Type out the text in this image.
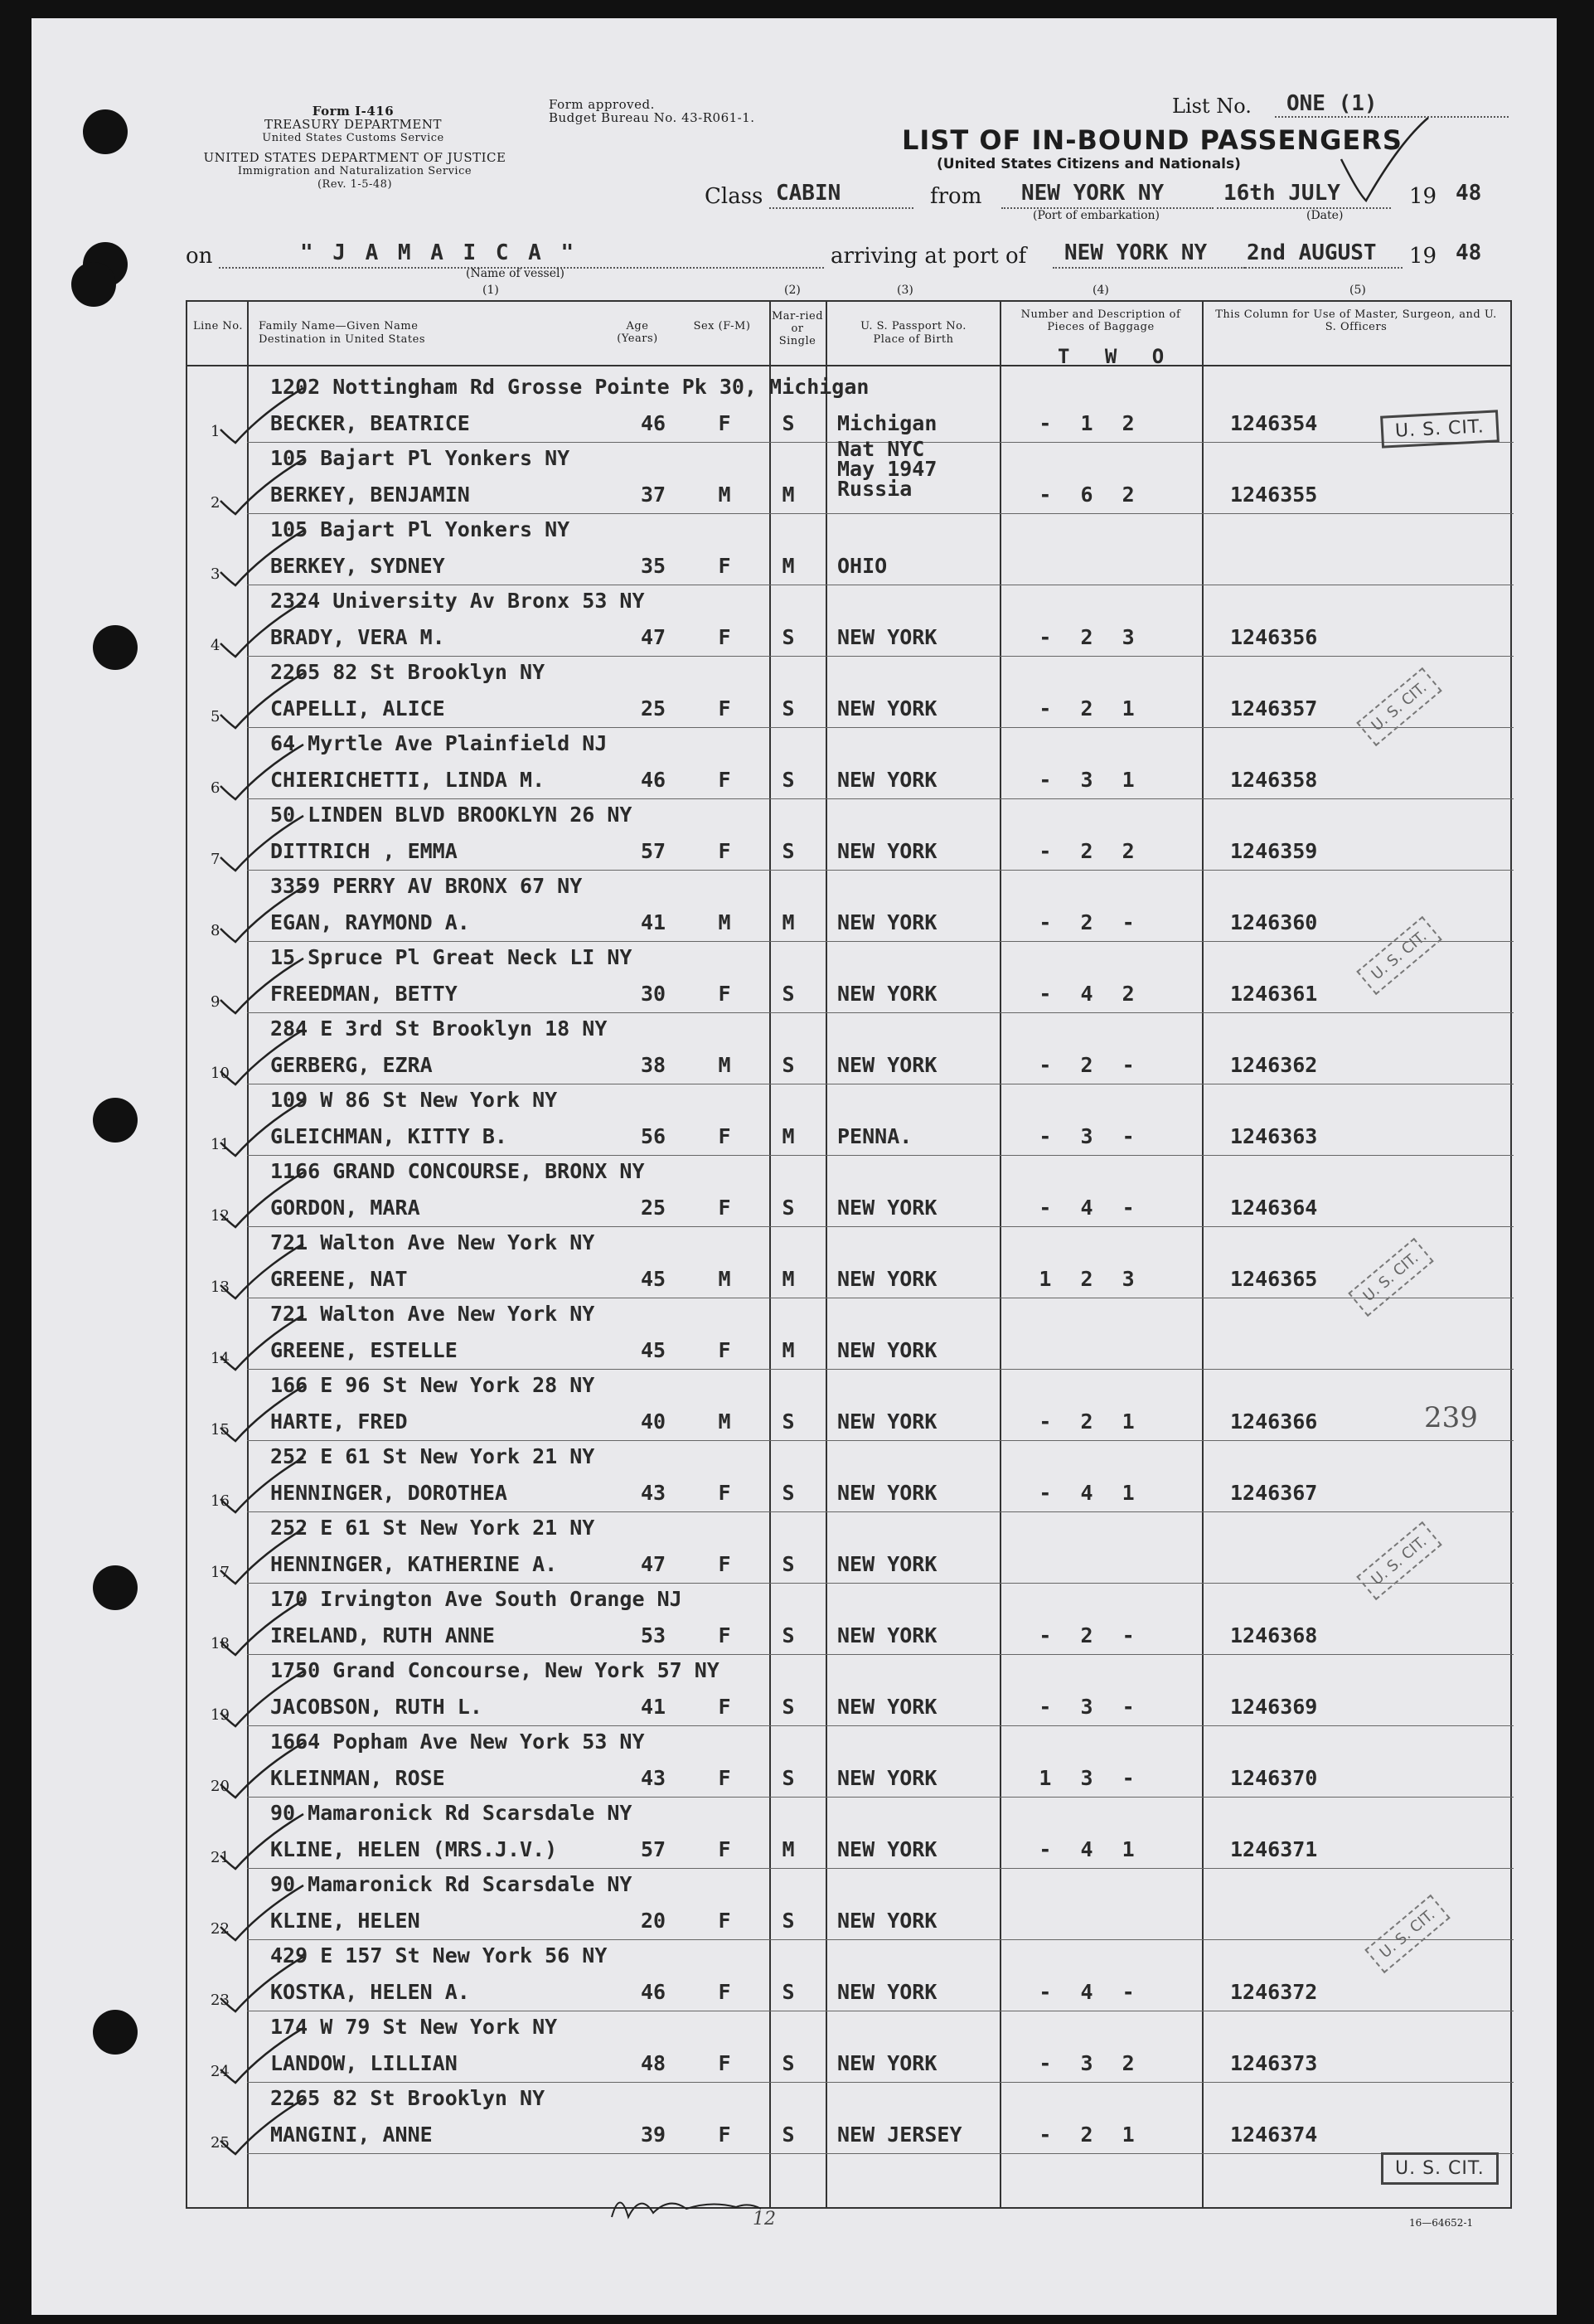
Form I-416
TREASURY DEPARTMENT
United States Customs Service
UNITED STATES DEPARTMENT OF JUSTICE
Immigration and Naturalization Service
(Rev. 1-5-48)
Form approved.
Budget Bureau No. 43-R061-1.	List No. ONE (1)
LIST OF IN-BOUND PASSENGERS
(United States Citizens and Nationals)
Class CABIN	from NEW YORK NY
(Port of embarkation)
16th JULY
(Date)
19 48
on	" J A M A I C A "
(Name of vessel)
(1)
arriving at port of NEW YORK NY 2nd AUGUST 19 48
(2)	(3)	(4)	(5)
Line No. Family Name—Given Name
Destination in United States
Age (Years)
Sex (F-M)
Mar-ried or Single
U. S. Passport No.
Place of Birth
Number and Description of Pieces of Baggage
T W O
This Column for Use of Master, Surgeon, and U. S. Officers
1
1202 Nottingham Rd Grosse Pointe Pk 30, Michigan
BECKER, BEATRICE	46	F	S	Michigan	- 1 2	1246354
2
105 Bajart Pl Yonkers NY
BERKEY, BENJAMIN	37	M	M
Nat NYC May 1947 Russia	- 6 2	1246355
3
105 Bajart Pl Yonkers NY
BERKEY, SYDNEY	35	F	M	OHIO
4
2324 University Av Bronx 53 NY
BRADY, VERA M.	47	F	S	NEW YORK	- 2 3	1246356
5
2265 82 St Brooklyn NY
CAPELLI, ALICE	25	F	S	NEW YORK	- 2 1	1246357
6
64 Myrtle Ave Plainfield NJ
CHIERICHETTI, LINDA M.	46	F	S	NEW YORK	- 3 1	1246358
7
50 LINDEN BLVD BROOKLYN 26 NY
DITTRICH , EMMA	57	F	S	NEW YORK	- 2 2	1246359
8
3359 PERRY AV BRONX 67 NY
EGAN, RAYMOND A.	41	M	M	NEW YORK	- 2 -	1246360
9
15 Spruce Pl Great Neck LI NY
FREEDMAN, BETTY	30	F	S	NEW YORK	- 4 2	1246361
10
284 E 3rd St Brooklyn 18 NY
GERBERG, EZRA	38	M	S	NEW YORK	- 2 -	1246362
11
109 W 86 St New York NY
GLEICHMAN, KITTY B.	56	F	M	PENNA.	- 3 -	1246363
12
1166 GRAND CONCOURSE, BRONX NY
GORDON, MARA	25	F	S	NEW YORK	- 4 -	1246364
13
721 Walton Ave New York NY
GREENE, NAT	45	M	M	NEW YORK	1 2 3	1246365
14
721 Walton Ave New York NY
GREENE, ESTELLE	45	F	M	NEW YORK
15
166 E 96 St New York 28 NY
HARTE, FRED	40	M	S	NEW YORK	- 2 1	1246366
16
252 E 61 St New York 21 NY
HENNINGER, DOROTHEA	43	F	S	NEW YORK	- 4 1	1246367
17
252 E 61 St New York 21 NY
HENNINGER, KATHERINE A.	47	F	S	NEW YORK
18
170 Irvington Ave South Orange NJ
IRELAND, RUTH ANNE	53	F	S	NEW YORK	- 2 -	1246368
19
1750 Grand Concourse, New York 57 NY
JACOBSON, RUTH L.	41	F	S	NEW YORK	- 3 -	1246369
20
1664 Popham Ave New York 53 NY
KLEINMAN, ROSE	43	F	S	NEW YORK	1 3 -	1246370
21
90 Mamaronick Rd Scarsdale NY
KLINE, HELEN (MRS.J.V.)	57	F	M	NEW YORK	- 4 1	1246371
22
90 Mamaronick Rd Scarsdale NY
KLINE, HELEN	20	F	S	NEW YORK
23
429 E 157 St New York 56 NY
KOSTKA, HELEN A.	46	F	S	NEW YORK	- 4 -	1246372
24
174 W 79 St New York NY
LANDOW, LILLIAN	48	F	S	NEW YORK	- 3 2	1246373
25
2265 82 St Brooklyn NY
MANGINI, ANNE	39	F	S	NEW JERSEY	- 2 1	1246374
U. S. CIT.
U. S. CIT.
U. S. CIT.
U. S. CIT.
U. S. CIT.
U. S. CIT.
U. S. CIT.
239
16—64652-1
12
